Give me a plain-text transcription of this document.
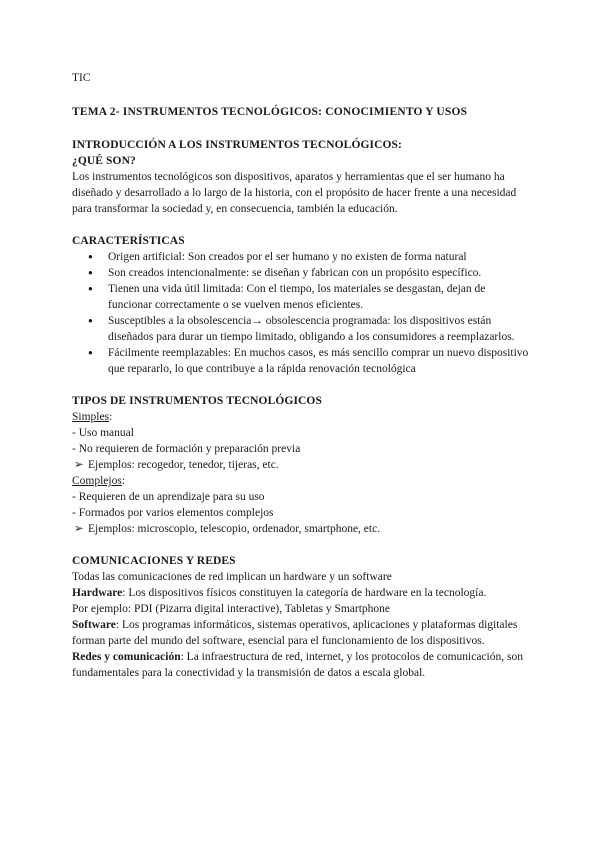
TIC

TEMA 2- INSTRUMENTOS TECNOLÓGICOS: CONOCIMIENTO Y USOS
INTRODUCCIÓN A LOS INSTRUMENTOS TECNOLÓGICOS:
¿QUÉ SON?

Los instrumentos tecnológicos son dispositivos, aparatos y herramientas que el ser humano ha diseñado y desarrollado a lo largo de la historia, con el propósito de hacer frente a una necesidad para transformar la sociedad y, en consecuencia, también la educación.

CARACTERÍSTICAS
● Origen artificial: Son creados por el ser humano y no existen de forma natural
● Son creados intencionalmente: se diseñan y fabrican con un propósito específico.
● Tienen una vida útil limitada: Con el tiempo, los materiales se desgastan, dejan de funcionar correctamente o se vuelven menos eficientes.
● Susceptibles a la obsolescencia→ obsolescencia programada: los dispositivos están diseñados para durar un tiempo limitado, obligando a los consumidores a reemplazarlos.
● Fácilmente reemplazables: En muchos casos, es más sencillo comprar un nuevo dispositivo que repararlo, lo que contribuye a la rápida renovación tecnológica
TIPOS DE INSTRUMENTOS TECNOLÓGICOS

Simples:

- Uso manual

- No requieren de formación y preparación previa

➢ Ejemplos: recogedor, tenedor, tijeras, etc.

Complejos:

- Requieren de un aprendizaje para su uso

- Formados por varios elementos complejos

➢ Ejemplos: microscopio, telescopio, ordenador, smartphone, etc.

COMUNICACIONES Y REDES

Todas las comunicaciones de red implican un hardware y un software

Hardware: Los dispositivos físicos constituyen la categoría de hardware en la tecnología.

Por ejemplo: PDI (Pizarra digital interactive), Tabletas y Smartphone

Software: Los programas informáticos, sistemas operativos, aplicaciones y plataformas digitales forman parte del mundo del software, esencial para el funcionamiento de los dispositivos.

Redes y comunicación: La infraestructura de red, internet, y los protocolos de comunicación, son fundamentales para la conectividad y la transmisión de datos a escala global.
